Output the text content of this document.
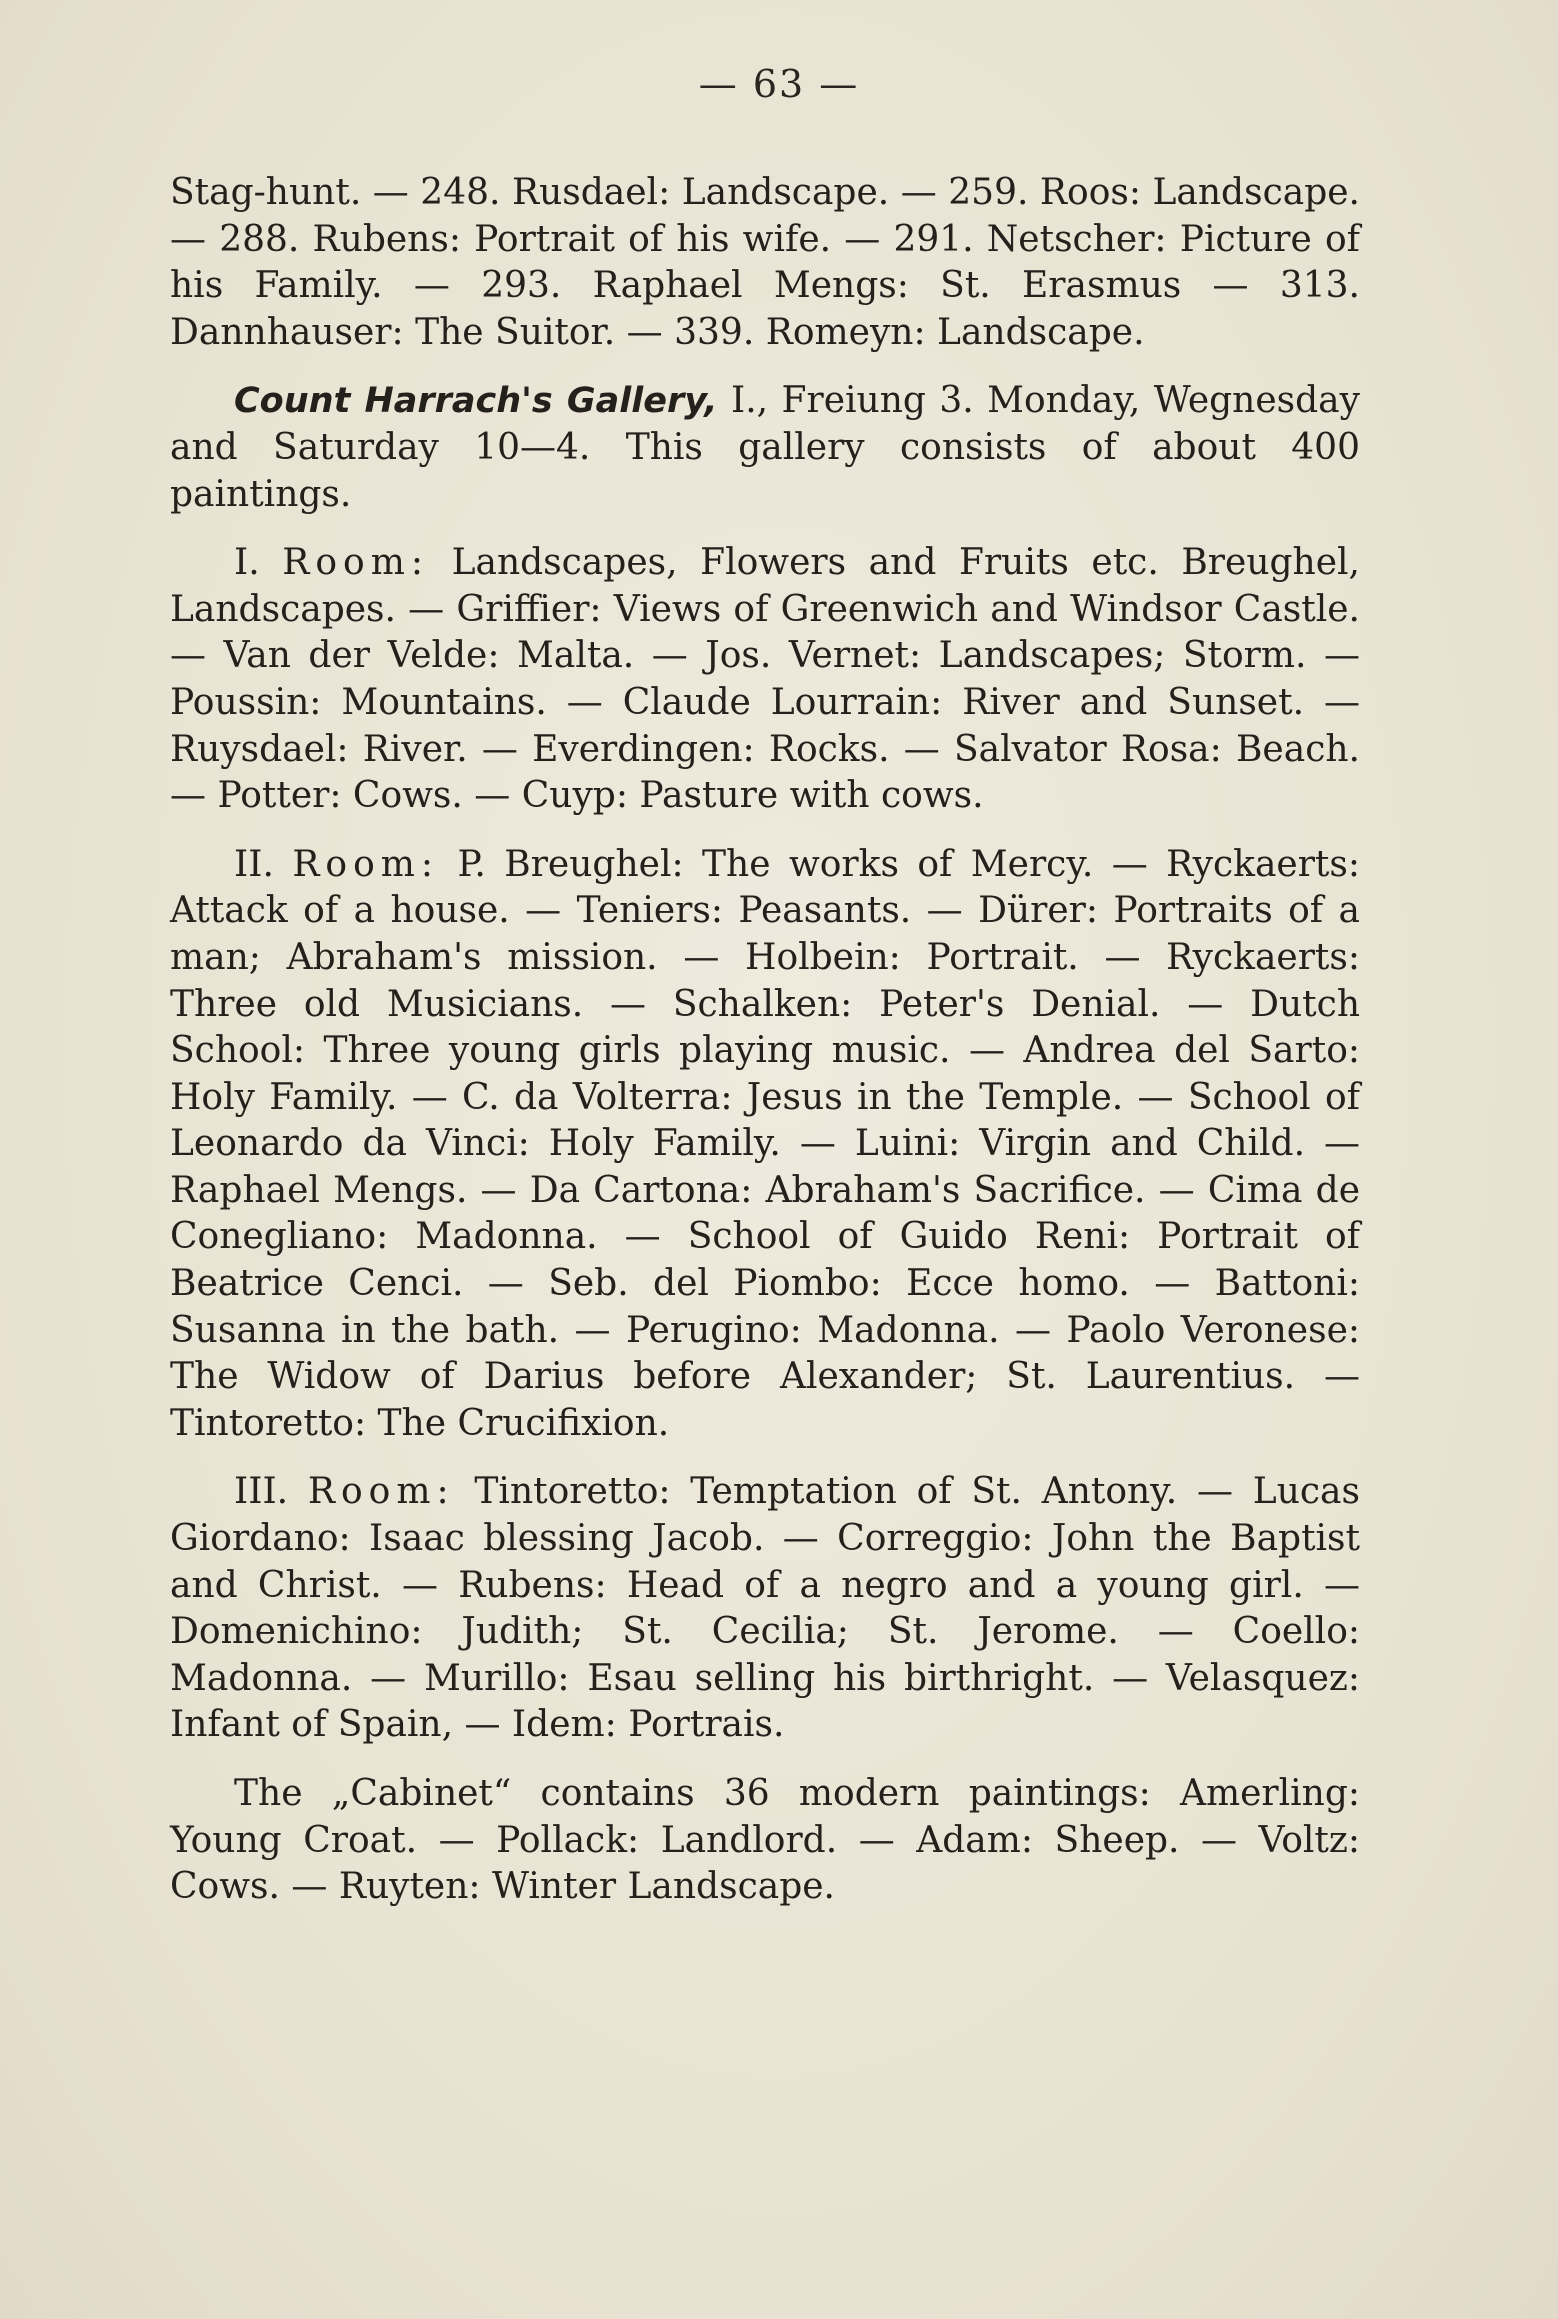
— 63 —

Stag-hunt. — 248. Rusdael: Landscape. — 259. Roos: Landscape. — 288. Rubens: Portrait of his wife. — 291. Netscher: Picture of his Family. — 293. Raphael Mengs: St. Erasmus — 313. Dannhauser: The Suitor. — 339. Romeyn: Landscape.

Count Harrach's Gallery, I., Freiung 3. Monday, Wegnesday and Saturday 10—4. This gallery consists of about 400 paintings.

I. Room: Landscapes, Flowers and Fruits etc. Breughel, Landscapes. — Griffier: Views of Greenwich and Windsor Castle. — Van der Velde: Malta. — Jos. Vernet: Landscapes; Storm. — Poussin: Mountains. — Claude Lourrain: River and Sunset. — Ruysdael: River. — Everdingen: Rocks. — Salvator Rosa: Beach. — Potter: Cows. — Cuyp: Pasture with cows.

II. Room: P. Breughel: The works of Mercy. — Ryckaerts: Attack of a house. — Teniers: Peasants. — Dürer: Portraits of a man; Abraham's mission. — Holbein: Portrait. — Ryckaerts: Three old Musicians. — Schalken: Peter's Denial. — Dutch School: Three young girls playing music. — Andrea del Sarto: Holy Family. — C. da Volterra: Jesus in the Temple. — School of Leonardo da Vinci: Holy Family. — Luini: Virgin and Child. — Raphael Mengs. — Da Cartona: Abraham's Sacrifice. — Cima de Conegliano: Madonna. — School of Guido Reni: Portrait of Beatrice Cenci. — Seb. del Piombo: Ecce homo. — Battoni: Susanna in the bath. — Perugino: Madonna. — Paolo Veronese: The Widow of Darius before Alexander; St. Laurentius. — Tintoretto: The Crucifixion.

III. Room: Tintoretto: Temptation of St. Antony. — Lucas Giordano: Isaac blessing Jacob. — Correggio: John the Baptist and Christ. — Rubens: Head of a negro and a young girl. — Domenichino: Judith; St. Cecilia; St. Jerome. — Coello: Madonna. — Murillo: Esau selling his birthright. — Velasquez: Infant of Spain, — Idem: Portrais.

The „Cabinet“ contains 36 modern paintings: Amerling: Young Croat. — Pollack: Landlord. — Adam: Sheep. — Voltz: Cows. — Ruyten: Winter Landscape.
